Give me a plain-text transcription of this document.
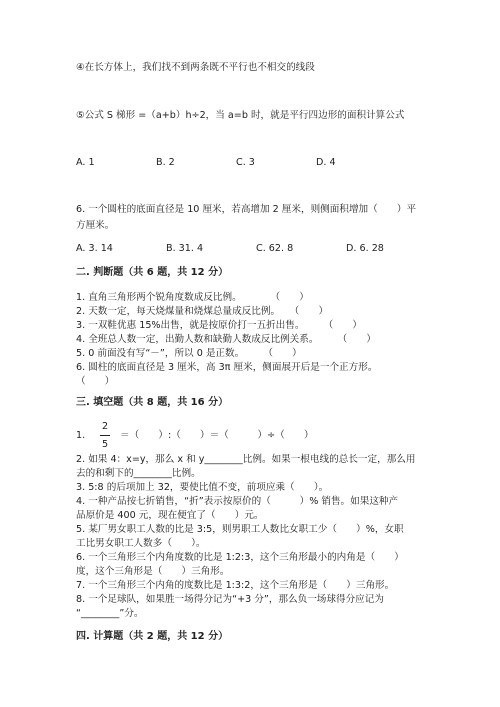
④在长方体上，我们找不到两条既不平行也不相交的线段
⑤公式 S 梯形 =（a+b）h÷2，当 a=b 时，就是平行四边形的面积计算公式
A. 1	B. 2	C. 3	D. 4
6. 一个圆柱的底面直径是 10 厘米，若高增加 2 厘米，则侧面积增加（　　）平
方厘米。
A. 3. 14	B. 31. 4	C. 62. 8	D. 6. 28
二. 判断题（共 6 题，共 12 分）
1. 直角三角形两个锐角度数成反比例。　　　　（　　）
2. 天数一定，每天烧煤量和烧煤总量成反比例。　　（　　）
3. 一双鞋优惠 15%出售，就是按原价打一五折出售。　　　（　　）
4. 全班总人数一定，出勤人数和缺勤人数成反比例关系。　　　（　　）
5. 0 前面没有写“－”，所以 0 是正数。　　　（　　）
6. 圆柱的底面直径是 3 厘米，高 3π 厘米，侧面展开后是一个正方形。
（　　）
三. 填空题（共 8 题，共 16 分）
1.
2
5
＝（　　）:（　　）＝（　　　）÷（　　）
2. 如果 4：x=y，那么 x 和 y________比例。如果一根电线的总长一定，那么用
去的和剩下的________比例。
3. 5:8 的后项加上 32，要使比值不变，前项应乘（　　）。
4. 一种产品按七折销售，“折”表示按原价的（　　　）% 销售。如果这种产
品原价是 400 元，现在便宜了（　　）元。
5. 某厂男女职工人数的比是 3:5，则男职工人数比女职工少（　　）%，女职
工比男女职工人数多（　　）。
6. 一个三角形三个内角度数的比是 1:2:3，这个三角形最小的内角是（　　）
度，这个三角形是（　　）三角形。
7. 一个三角形三个内角的度数比是 1:3:2，这个三角形是（　　）三角形。
8. 一个足球队，如果胜一场得分记为“+3 分”，那么负一场球得分应记为
“________”分。
四. 计算题（共 2 题，共 12 分）
